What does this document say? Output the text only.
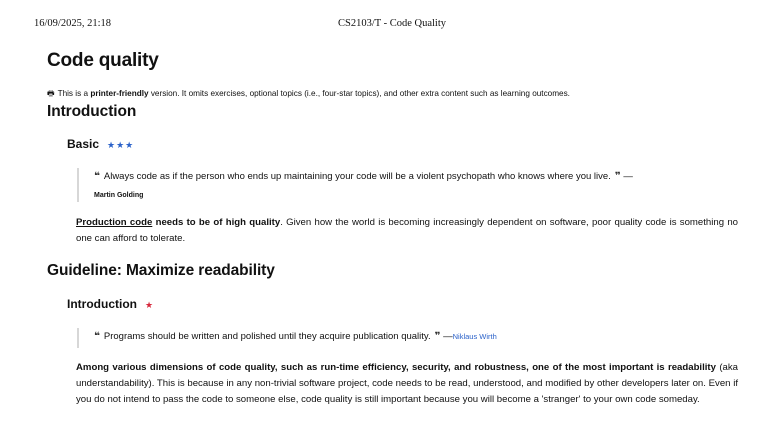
16/09/2025, 21:18	CS2103/T - Code Quality
Code quality
🖶 This is a printer-friendly version. It omits exercises, optional topics (i.e., four-star topics), and other extra content such as learning outcomes.
Introduction
Basic ★★★
❝ Always code as if the person who ends up maintaining your code will be a violent psychopath who knows where you live. ❞ —
Martin Golding

Production code needs to be of high quality. Given how the world is becoming increasingly dependent on software, poor quality code is something no one can afford to tolerate.

Guideline: Maximize readability
Introduction ★
❝ Programs should be written and polished until they acquire publication quality. ❞ —Niklaus Wirth

Among various dimensions of code quality, such as run-time efficiency, security, and robustness, one of the most important is readability (aka understandability). This is because in any non-trivial software project, code needs to be read, understood, and modified by other developers later on. Even if you do not intend to pass the code to someone else, code quality is still important because you will become a 'stranger' to your own code someday.
